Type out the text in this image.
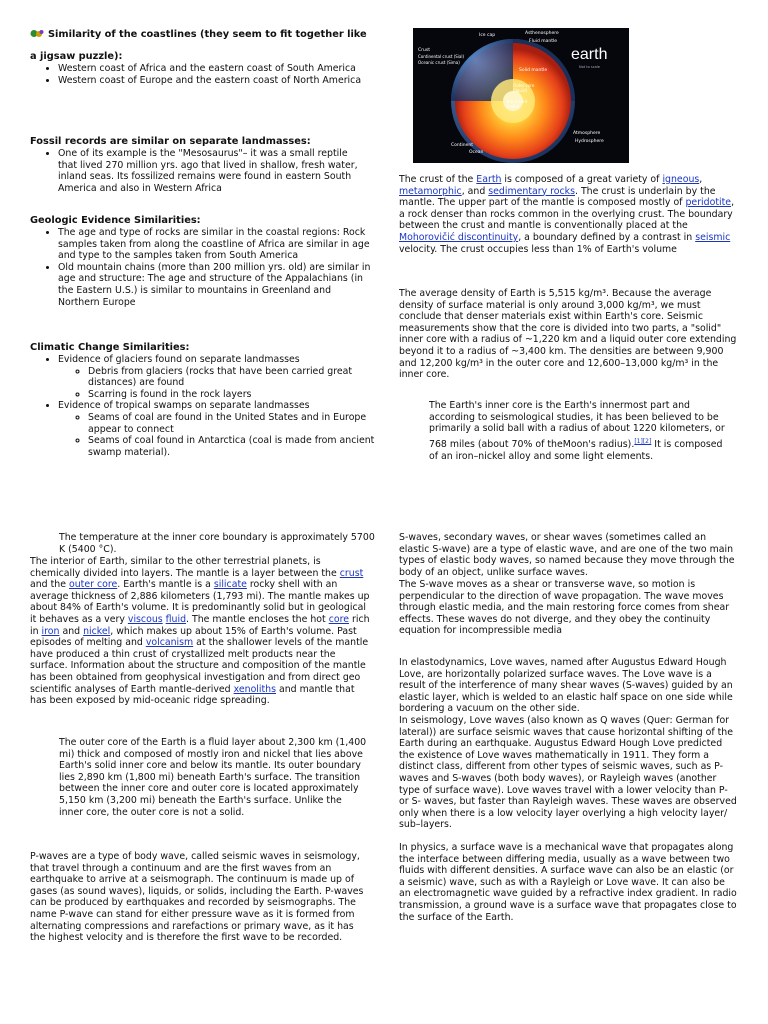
Similarity of the coastlines (they seem to fit together like
a jigsaw puzzle):
• Western coast of Africa and the eastern coast of South America
• Western coast of Europe and the eastern coast of North America
Fossil records are similar on separate landmasses:
• One of its example is the "Mesosaurus"– it was a small reptile that lived 270 million yrs. ago that lived in shallow, fresh water, inland seas. Its fossilized remains were found in eastern South America and also in Western Africa
Geologic Evidence Similarities:
• The age and type of rocks are similar in the coastal regions: Rock samples taken from along the coastline of Africa are similar in age and type to the samples taken from South America
• Old mountain chains (more than 200 million yrs. old) are similar in age and structure: The age and structure of the Appalachians (in the Eastern U.S.) is similar to mountains in Greenland and Northern Europe
Climatic Change Similarities:
• Evidence of glaciers found on separate landmasses
◦ Debris from glaciers (rocks that have been carried great distances) are found
◦ Scarring is found in the rock layers
• Evidence of tropical swamps on separate landmasses
◦ Seams of coal are found in the United States and in Europe appear to connect
◦ Seams of coal found in Antarctica (coal is made from ancient swamp material).
earth
Not to scale
Ice cap	Asthenosphere
Fluid mantle
Crust
Continental crust (Sial)
Oceanic crust (Sima)
Solid mantle
Outer core (liquid)
Inner core (solid)
Atmosphere
Hydrosphere
Continent
Ocean

The crust of the Earth is composed of a great variety of igneous, metamorphic, and sedimentary rocks. The crust is underlain by the mantle. The upper part of the mantle is composed mostly of peridotite, a rock denser than rocks common in the overlying crust. The boundary between the crust and mantle is conventionally placed at the Mohorovičić discontinuity, a boundary defined by a contrast in seismic velocity. The crust occupies less than 1% of Earth's volume

The average density of Earth is 5,515 kg/m³. Because the average density of surface material is only around 3,000 kg/m³, we must conclude that denser materials exist within Earth's core. Seismic measurements show that the core is divided into two parts, a "solid" inner core with a radius of ~1,220 km and a liquid outer core extending beyond it to a radius of ~3,400 km. The densities are between 9,900 and 12,200 kg/m³ in the outer core and 12,600–13,000 kg/m³ in the inner core.

The Earth's inner core is the Earth's innermost part and according to seismological studies, it has been believed to be primarily a solid ball with a radius of about 1220 kilometers, or 768 miles (about 70% of theMoon's radius).[1][2] It is composed of an iron–nickel alloy and some light elements.

The temperature at the inner core boundary is approximately 5700 K (5400 °C).

The interior of Earth, similar to the other terrestrial planets, is chemically divided into layers. The mantle is a layer between the crust and the outer core. Earth's mantle is a silicate rocky shell with an average thickness of 2,886 kilometers (1,793 mi). The mantle makes up about 84% of Earth's volume. It is predominantly solid but in geological it behaves as a very viscous fluid. The mantle encloses the hot core rich in iron and nickel, which makes up about 15% of Earth's volume. Past episodes of melting and volcanism at the shallower levels of the mantle have produced a thin crust of crystallized melt products near the surface. Information about the structure and composition of the mantle has been obtained from geophysical investigation and from direct geo scientific analyses of Earth mantle-derived xenoliths and mantle that has been exposed by mid-oceanic ridge spreading.

The outer core of the Earth is a fluid layer about 2,300 km (1,400 mi) thick and composed of mostly iron and nickel that lies above Earth's solid inner core and below its mantle. Its outer boundary lies 2,890 km (1,800 mi) beneath Earth's surface. The transition between the inner core and outer core is located approximately 5,150 km (3,200 mi) beneath the Earth's surface. Unlike the inner core, the outer core is not a solid.

P-waves are a type of body wave, called seismic waves in seismology, that travel through a continuum and are the first waves from an earthquake to arrive at a seismograph. The continuum is made up of gases (as sound waves), liquids, or solids, including the Earth. P-waves can be produced by earthquakes and recorded by seismographs. The name P-wave can stand for either pressure wave as it is formed from alternating compressions and rarefactions or primary wave, as it has the highest velocity and is therefore the first wave to be recorded.

S-waves, secondary waves, or shear waves (sometimes called an elastic S-wave) are a type of elastic wave, and are one of the two main types of elastic body waves, so named because they move through the body of an object, unlike surface waves.

The S-wave moves as a shear or transverse wave, so motion is perpendicular to the direction of wave propagation. The wave moves through elastic media, and the main restoring force comes from shear effects. These waves do not diverge, and they obey the continuity equation for incompressible media

In elastodynamics, Love waves, named after Augustus Edward Hough Love, are horizontally polarized surface waves. The Love wave is a result of the interference of many shear waves (S-waves) guided by an elastic layer, which is welded to an elastic half space on one side while bordering a vacuum on the other side.

In seismology, Love waves (also known as Q waves (Quer: German for lateral)) are surface seismic waves that cause horizontal shifting of the Earth during an earthquake. Augustus Edward Hough Love predicted the existence of Love waves mathematically in 1911. They form a distinct class, different from other types of seismic waves, such as P-waves and S-waves (both body waves), or Rayleigh waves (another type of surface wave). Love waves travel with a lower velocity than P- or S- waves, but faster than Rayleigh waves. These waves are observed only when there is a low velocity layer overlying a high velocity layer/ sub–layers.

In physics, a surface wave is a mechanical wave that propagates along the interface between differing media, usually as a wave between two fluids with different densities. A surface wave can also be an elastic (or a seismic) wave, such as with a Rayleigh or Love wave. It can also be an electromagnetic wave guided by a refractive index gradient. In radio transmission, a ground wave is a surface wave that propagates close to the surface of the Earth.
